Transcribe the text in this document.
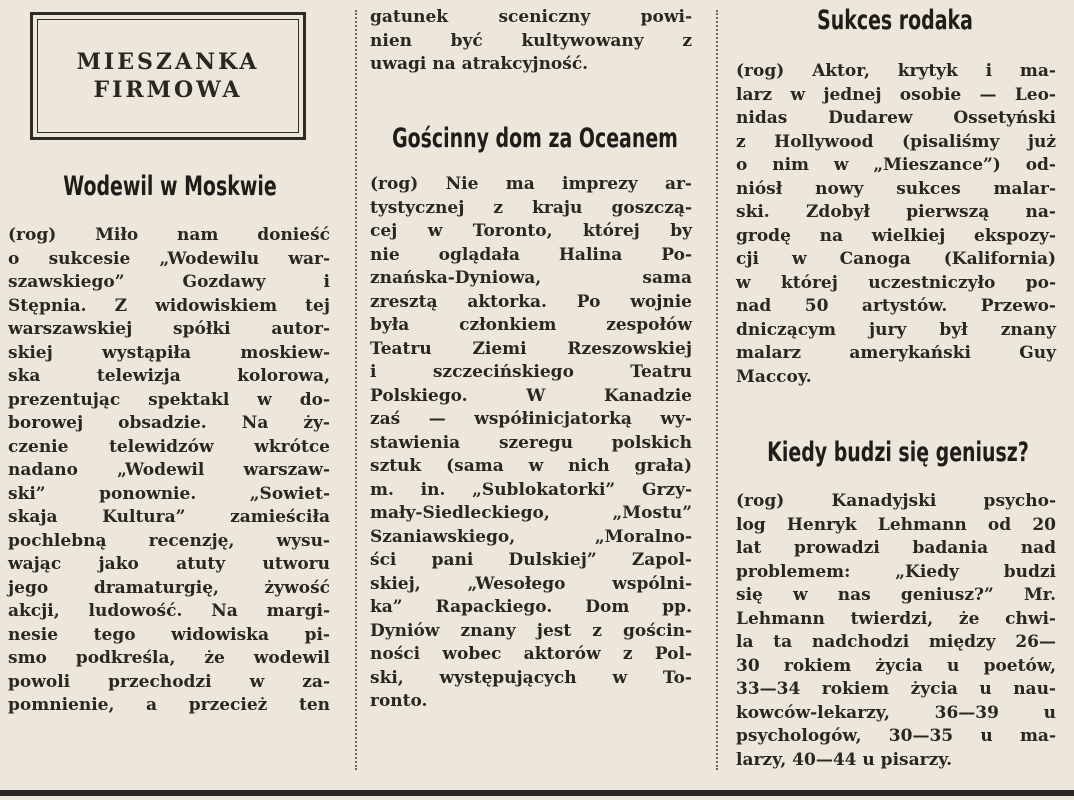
MIESZANKA
FIRMOWA
Wodewil w Moskwie
(rog) Miło nam donieść
o sukcesie „Wodewilu war-
szawskiego” Gozdawy i
Stępnia. Z widowiskiem tej
warszawskiej spółki autor-
skiej wystąpiła moskiew-
ska telewizja kolorowa,
prezentując spektakl w do-
borowej obsadzie. Na ży-
czenie telewidzów wkrótce
nadano „Wodewil warszaw-
ski” ponownie. „Sowiet-
skaja Kultura” zamieściła
pochlebną recenzję, wysu-
wając jako atuty utworu
jego dramaturgię, żywość
akcji, ludowość. Na margi-
nesie tego widowiska pi-
smo podkreśla, że wodewil
powoli przechodzi w za-
pomnienie, a przecież ten
gatunek sceniczny powi-
nien być kultywowany z
uwagi na atrakcyjność.
Gościnny dom za Oceanem
(rog) Nie ma imprezy ar-
tystycznej z kraju goszczą-
cej w Toronto, której by
nie oglądała Halina Po-
znańska-Dyniowa, sama
zresztą aktorka. Po wojnie
była członkiem zespołów
Teatru Ziemi Rzeszowskiej
i szczecińskiego Teatru
Polskiego. W Kanadzie
zaś — współinicjatorką wy-
stawienia szeregu polskich
sztuk (sama w nich grała)
m. in. „Sublokatorki” Grzy-
mały-Siedleckiego, „Mostu”
Szaniawskiego, „Moralno-
ści pani Dulskiej” Zapol-
skiej, „Wesołego wspólni-
ka” Rapackiego. Dom pp.
Dyniów znany jest z gościn-
ności wobec aktorów z Pol-
ski, występujących w To-
ronto.
Sukces rodaka
(rog) Aktor, krytyk i ma-
larz w jednej osobie — Leo-
nidas Dudarew Ossetyński
z Hollywood (pisaliśmy już
o nim w „Mieszance”) od-
niósł nowy sukces malar-
ski. Zdobył pierwszą na-
grodę na wielkiej ekspozy-
cji w Canoga (Kalifornia)
w której uczestniczyło po-
nad 50 artystów. Przewo-
dniczącym jury był znany
malarz amerykański Guy
Maccoy.
Kiedy budzi się geniusz?
(rog) Kanadyjski psycho-
log Henryk Lehmann od 20
lat prowadzi badania nad
problemem: „Kiedy budzi
się w nas geniusz?” Mr.
Lehmann twierdzi, że chwi-
la ta nadchodzi między 26—
30 rokiem życia u poetów,
33—34 rokiem życia u nau-
kowców-lekarzy, 36—39 u
psychologów, 30—35 u ma-
larzy, 40—44 u pisarzy.
